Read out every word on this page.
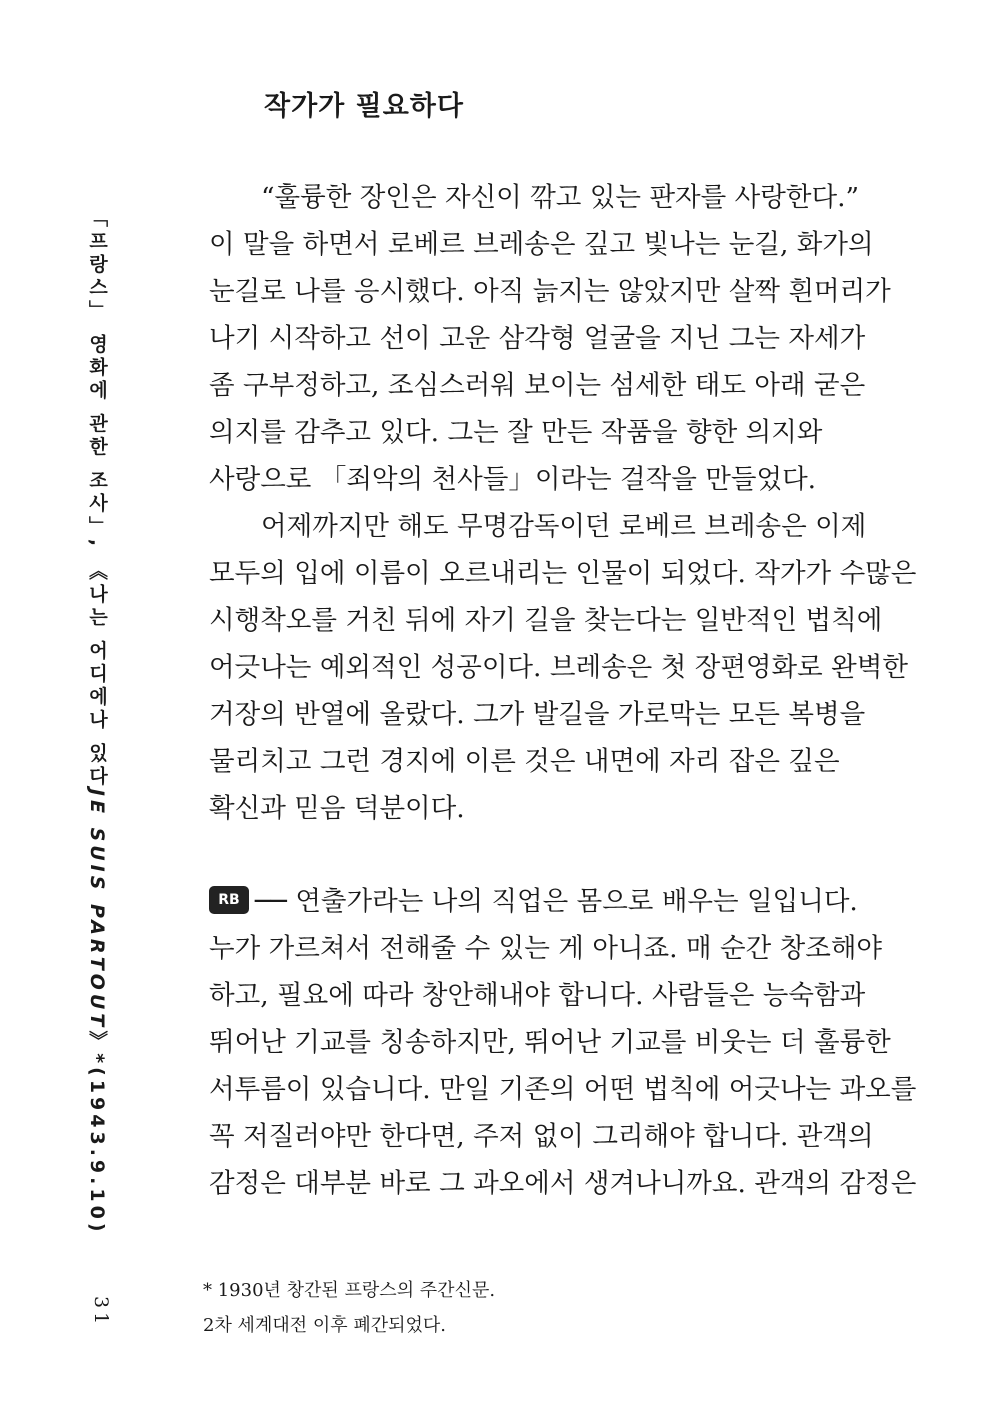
작가가 필요하다
「프랑스」 영화에 관한 조사」, 《나는 어디에나 있다JE SUIS PARTOUT》*(1943.9.10)
31
“훌륭한 장인은 자신이 깎고 있는 판자를 사랑한다.”
이 말을 하면서 로베르 브레송은 깊고 빛나는 눈길, 화가의
눈길로 나를 응시했다. 아직 늙지는 않았지만 살짝 흰머리가
나기 시작하고 선이 고운 삼각형 얼굴을 지닌 그는 자세가
좀 구부정하고, 조심스러워 보이는 섬세한 태도 아래 굳은
의지를 감추고 있다. 그는 잘 만든 작품을 향한 의지와
사랑으로 「죄악의 천사들」이라는 걸작을 만들었다.
어제까지만 해도 무명감독이던 로베르 브레송은 이제
모두의 입에 이름이 오르내리는 인물이 되었다. 작가가 수많은
시행착오를 거친 뒤에 자기 길을 찾는다는 일반적인 법칙에
어긋나는 예외적인 성공이다. 브레송은 첫 장편영화로 완벽한
거장의 반열에 올랐다. 그가 발길을 가로막는 모든 복병을
물리치고 그런 경지에 이른 것은 내면에 자리 잡은 깊은
확신과 믿음 덕분이다.
RB ── 연출가라는 나의 직업은 몸으로 배우는 일입니다.
누가 가르쳐서 전해줄 수 있는 게 아니죠. 매 순간 창조해야
하고, 필요에 따라 창안해내야 합니다. 사람들은 능숙함과
뛰어난 기교를 칭송하지만, 뛰어난 기교를 비웃는 더 훌륭한
서투름이 있습니다. 만일 기존의 어떤 법칙에 어긋나는 과오를
꼭 저질러야만 한다면, 주저 없이 그리해야 합니다. 관객의
감정은 대부분 바로 그 과오에서 생겨나니까요. 관객의 감정은
* 1930년 창간된 프랑스의 주간신문.
2차 세계대전 이후 폐간되었다.
